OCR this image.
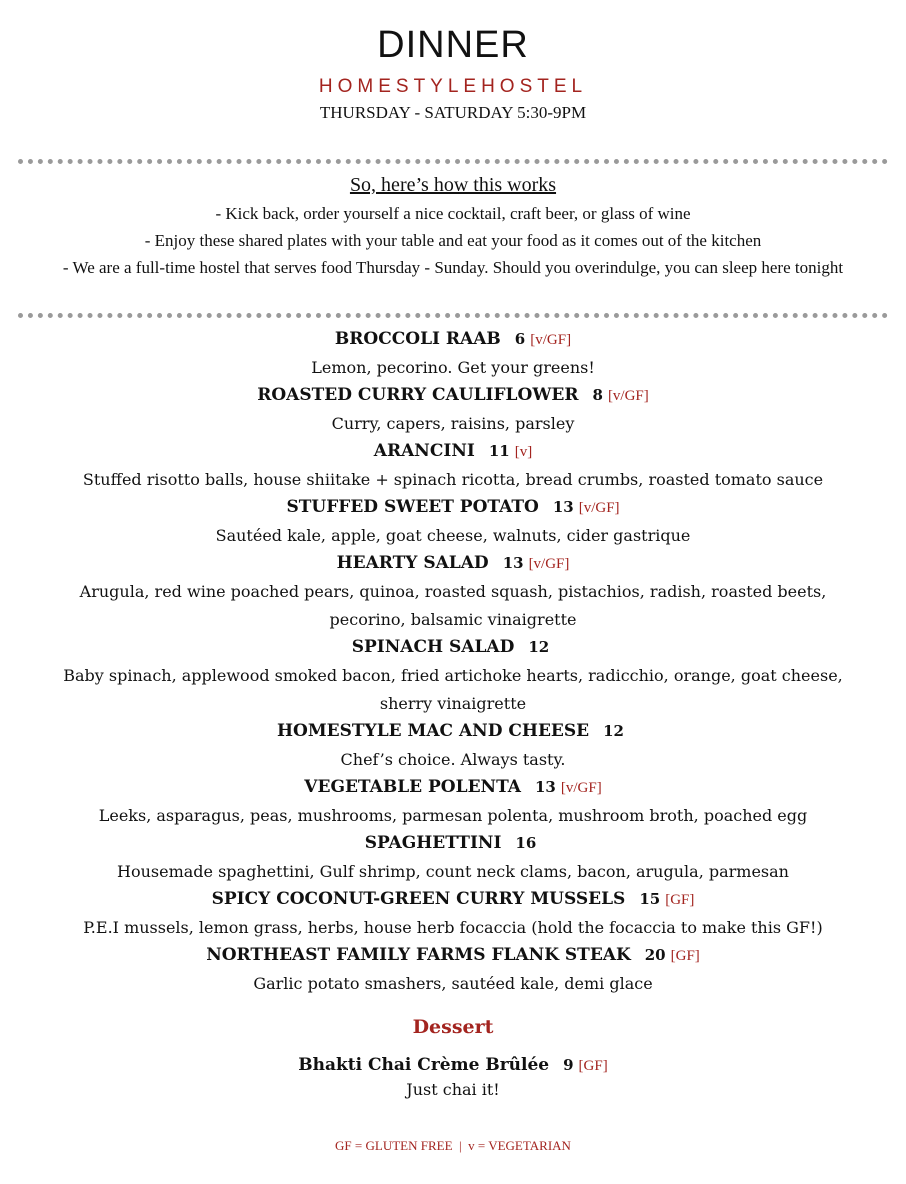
DINNER
HOMESTYLEHOSTEL
THURSDAY - SATURDAY 5:30-9PM
So, here’s how this works
- Kick back, order yourself a nice cocktail, craft beer, or glass of wine
- Enjoy these shared plates with your table and eat your food as it comes out of the kitchen
- We are a full-time hostel that serves food Thursday - Sunday. Should you overindulge, you can sleep here tonight

BROCCOLI RAAB 6 [v/GF]

Lemon, pecorino. Get your greens!

ROASTED CURRY CAULIFLOWER 8 [v/GF]

Curry, capers, raisins, parsley

ARANCINI 11 [v]

Stuffed risotto balls, house shiitake + spinach ricotta, bread crumbs, roasted tomato sauce

STUFFED SWEET POTATO 13 [v/GF]

Sautéed kale, apple, goat cheese, walnuts, cider gastrique

HEARTY SALAD 13 [v/GF]

Arugula, red wine poached pears, quinoa, roasted squash, pistachios, radish, roasted beets, pecorino, balsamic vinaigrette

SPINACH SALAD 12

Baby spinach, applewood smoked bacon, fried artichoke hearts, radicchio, orange, goat cheese, sherry vinaigrette

HOMESTYLE MAC AND CHEESE 12

Chef’s choice. Always tasty.

VEGETABLE POLENTA 13 [v/GF]

Leeks, asparagus, peas, mushrooms, parmesan polenta, mushroom broth, poached egg

SPAGHETTINI 16

Housemade spaghettini, Gulf shrimp, count neck clams, bacon, arugula, parmesan

SPICY COCONUT-GREEN CURRY MUSSELS 15 [GF]

P.E.I mussels, lemon grass, herbs, house herb focaccia (hold the focaccia to make this GF!)

NORTHEAST FAMILY FARMS FLANK STEAK 20 [GF]

Garlic potato smashers, sautéed kale, demi glace

Dessert
Bhakti Chai Crème Brûlée 9 [GF]
Just chai it!
GF = GLUTEN FREE  |  v = VEGETARIAN
